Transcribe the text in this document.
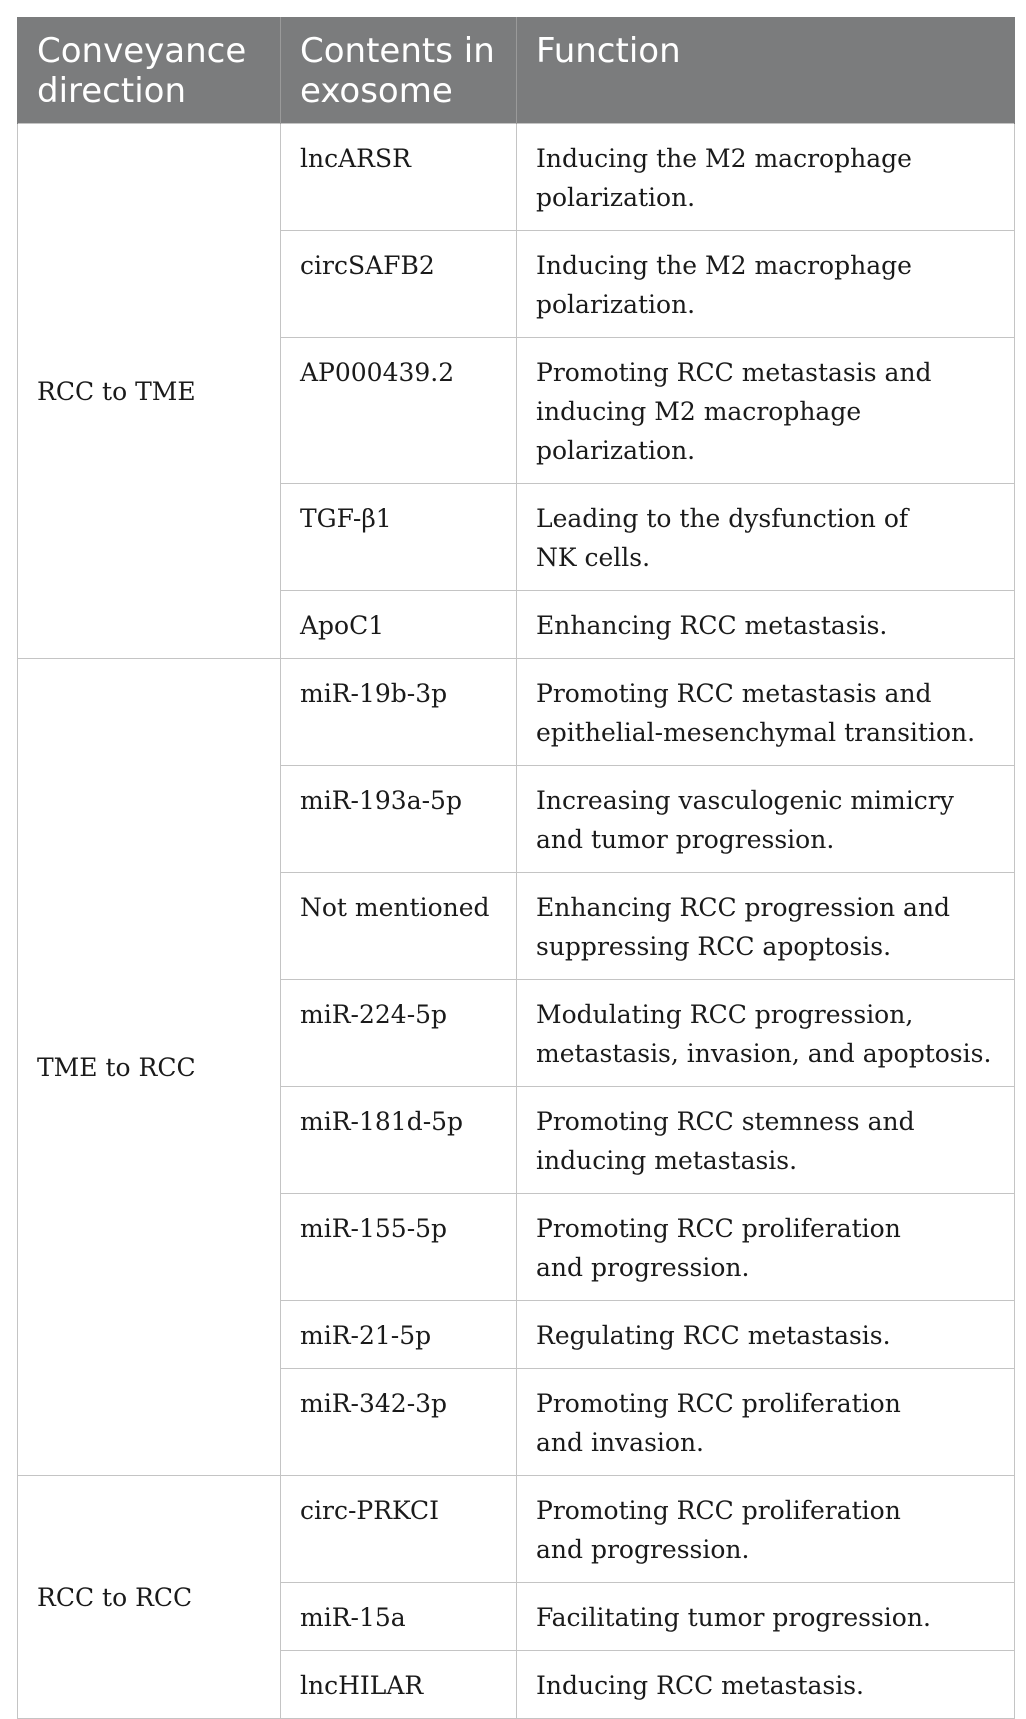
Conveyance direction	Contents in exosome	Function
RCC to TME	lncARSR	Inducing the M2 macrophage polarization.
	circSAFB2	Inducing the M2 macrophage polarization.
	AP000439.2	Promoting RCC metastasis and inducing M2 macrophage polarization.
	TGF-β1	Leading to the dysfunction of NK cells.
	ApoC1	Enhancing RCC metastasis.
TME to RCC	miR-19b-3p	Promoting RCC metastasis and epithelial-mesenchymal transition.
	miR-193a-5p	Increasing vasculogenic mimicry and tumor progression.
	Not mentioned	Enhancing RCC progression and suppressing RCC apoptosis.
	miR-224-5p	Modulating RCC progression, metastasis, invasion, and apoptosis.
	miR-181d-5p	Promoting RCC stemness and inducing metastasis.
	miR-155-5p	Promoting RCC proliferation and progression.
	miR-21-5p	Regulating RCC metastasis.
	miR-342-3p	Promoting RCC proliferation and invasion.
RCC to RCC	circ-PRKCI	Promoting RCC proliferation and progression.
	miR-15a	Facilitating tumor progression.
	lncHILAR	Inducing RCC metastasis.
